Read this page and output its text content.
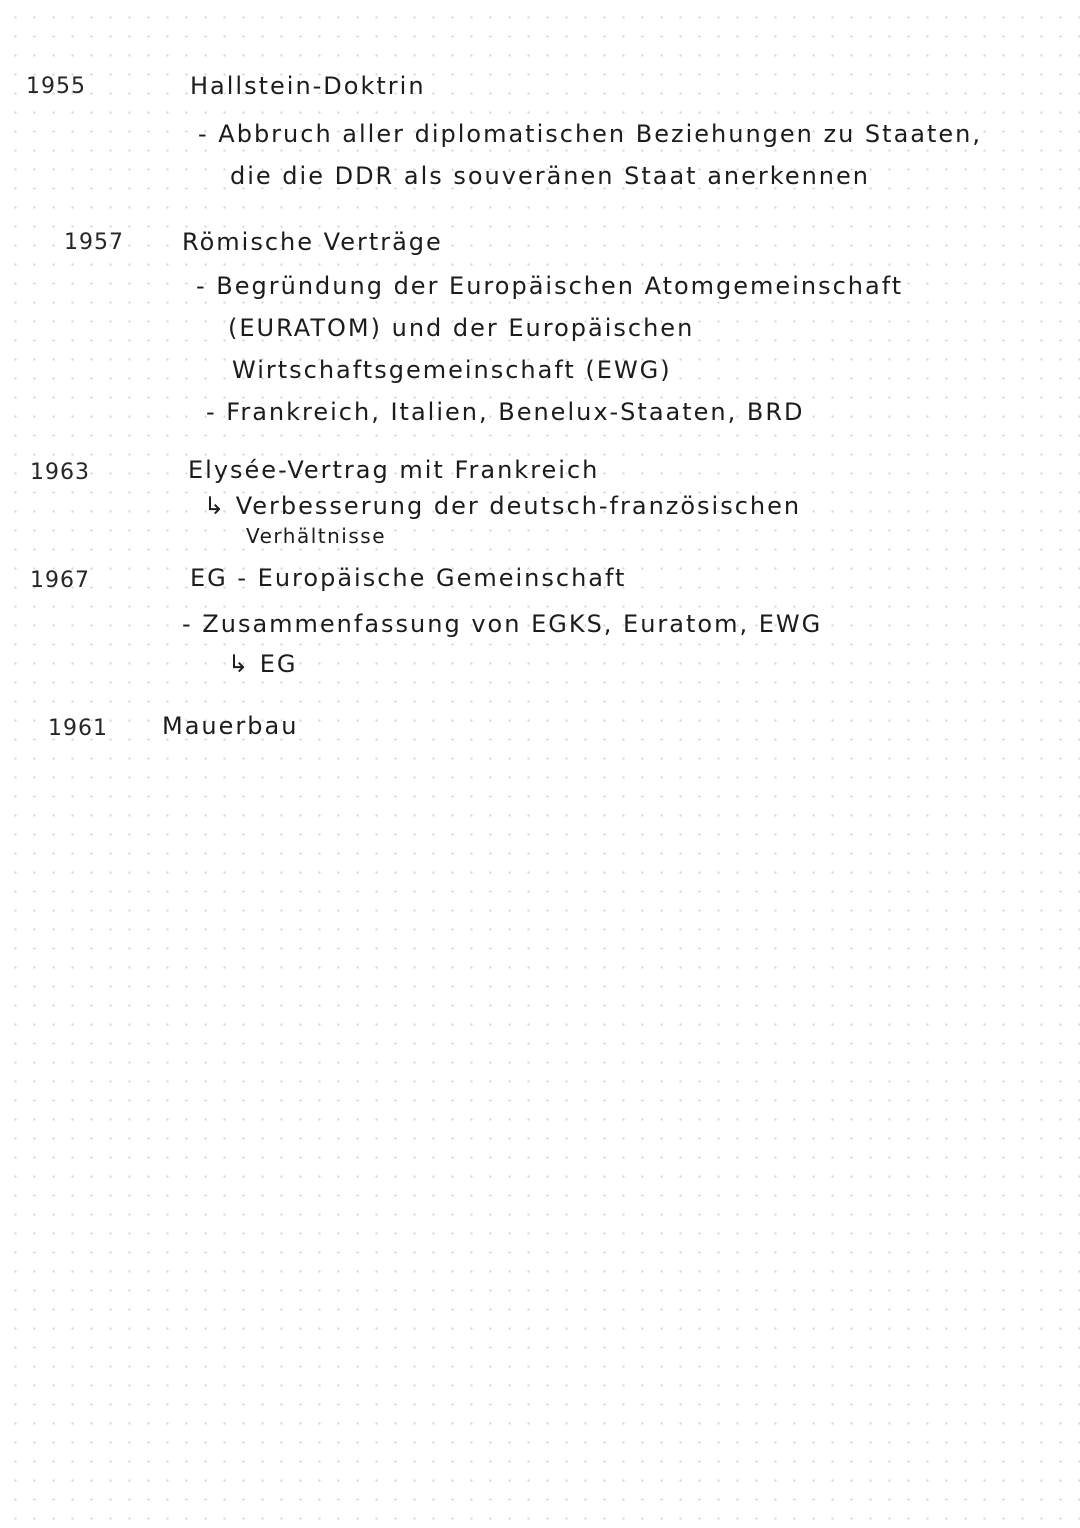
1955	Hallstein-Doktrin
- Abbruch aller diplomatischen Beziehungen zu Staaten,
die die DDR als souveränen Staat anerkennen
1957 Römische Verträge
- Begründung der Europäischen Atomgemeinschaft
(EURATOM) und der Europäischen
Wirtschaftsgemeinschaft (EWG)
- Frankreich, Italien, Benelux-Staaten, BRD
1963	Elysée-Vertrag mit Frankreich
↳ Verbesserung der deutsch-französischen
Verhältnisse
1967	EG - Europäische Gemeinschaft
- Zusammenfassung von EGKS, Euratom, EWG
↳ EG
1961 Mauerbau
